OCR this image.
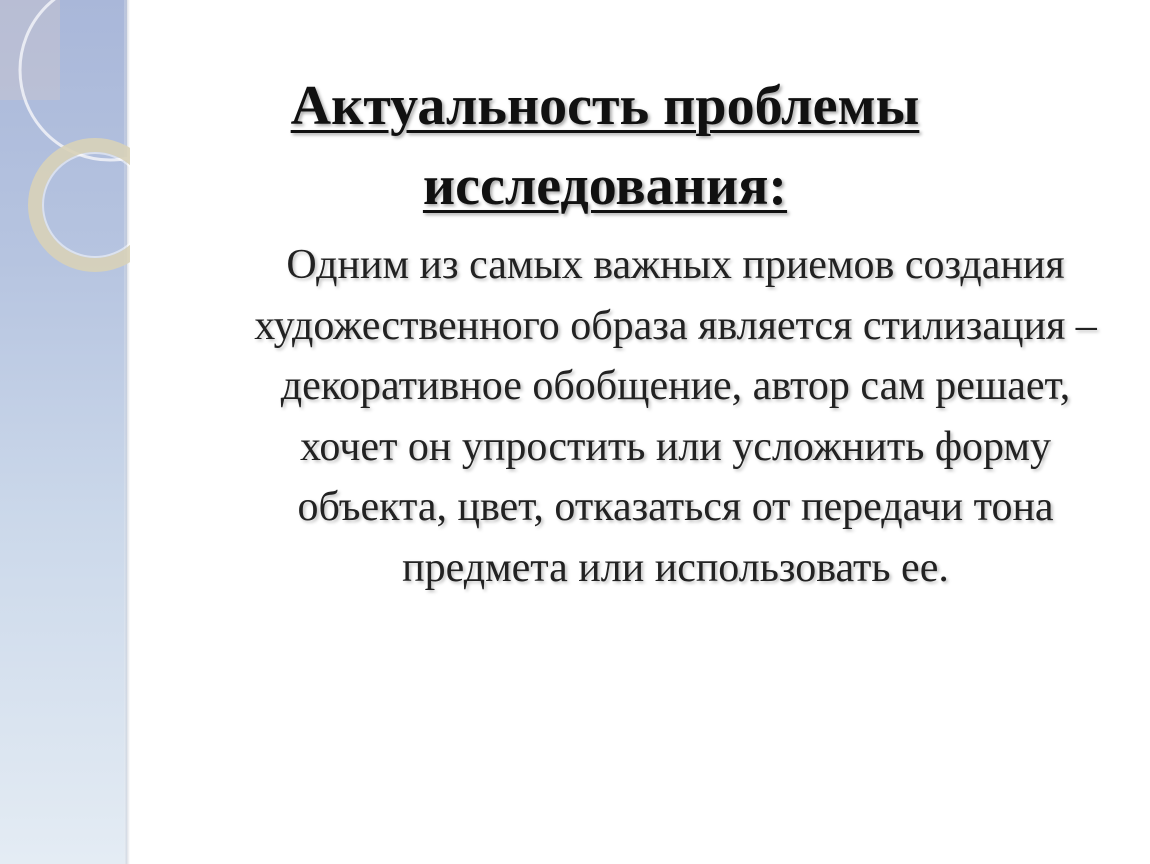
Актуальность проблемы
исследования:
Одним из самых важных приемов создания художественного образа является стилизация – декоративное обобщение, автор сам решает, хочет он упростить или усложнить форму объекта, цвет, отказаться от передачи тона предмета или использовать ее.
